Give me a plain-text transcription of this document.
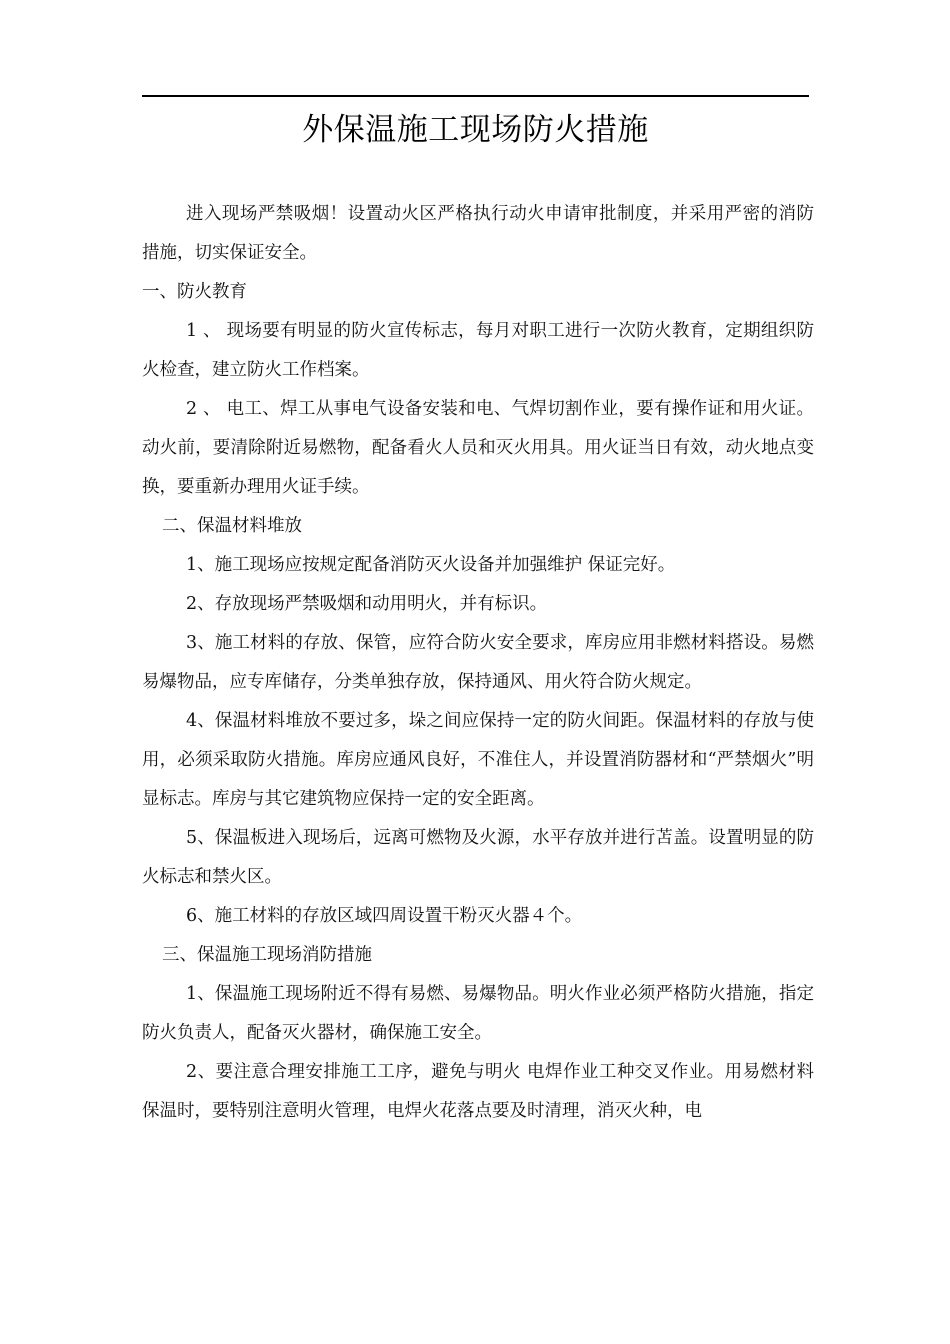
外保温施工现场防火措施

进入现场严禁吸烟！设置动火区严格执行动火申请审批制度，并采用严密的消防措施，切实保证安全。

一、防火教育

1 、 现场要有明显的防火宣传标志，每月对职工进行一次防火教育，定期组织防火检查，建立防火工作档案。

2 、 电工、焊工从事电气设备安装和电、气焊切割作业，要有操作证和用火证。动火前，要清除附近易燃物，配备看火人员和灭火用具。用火证当日有效，动火地点变换，要重新办理用火证手续。

二、保温材料堆放

1、施工现场应按规定配备消防灭火设备并加强维护 保证完好。

2、存放现场严禁吸烟和动用明火，并有标识。

3、施工材料的存放、保管，应符合防火安全要求，库房应用非燃材料搭设。易燃易爆物品，应专库储存，分类单独存放，保持通风、用火符合防火规定。

4、保温材料堆放不要过多，垛之间应保持一定的防火间距。保温材料的存放与使用，必须采取防火措施。库房应通风良好，不准住人，并设置消防器材和“严禁烟火”明显标志。库房与其它建筑物应保持一定的安全距离。

5、保温板进入现场后，远离可燃物及火源，水平存放并进行苫盖。设置明显的防火标志和禁火区。

6、施工材料的存放区域四周设置干粉灭火器４个。

三、保温施工现场消防措施

1、保温施工现场附近不得有易燃、易爆物品。明火作业必须严格防火措施，指定防火负责人，配备灭火器材，确保施工安全。

2、要注意合理安排施工工序，避免与明火 电焊作业工种交叉作业。用易燃材料保温时，要特别注意明火管理，电焊火花落点要及时清理，消灭火种，电
